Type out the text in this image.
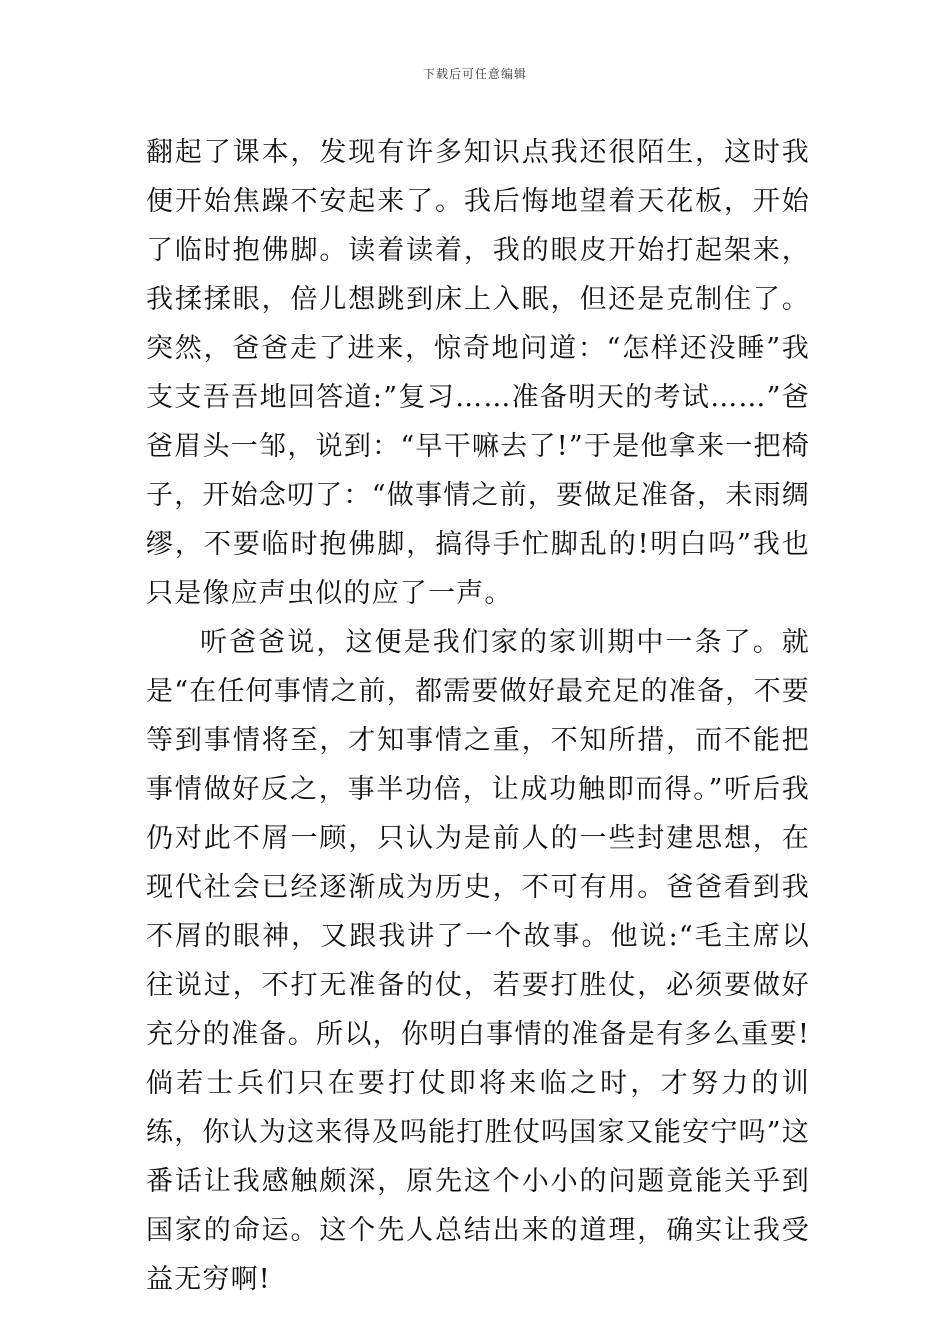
下载后可任意编辑

翻起了课本，发现有许多知识点我还很陌生，这时我便开始焦躁不安起来了。我后悔地望着天花板，开始了临时抱佛脚。读着读着，我的眼皮开始打起架来，我揉揉眼，倍儿想跳到床上入眠，但还是克制住了。突然，爸爸走了进来，惊奇地问道：“怎样还没睡”我支支吾吾地回答道:”复习……准备明天的考试……”爸爸眉头一邹，说到：“早干嘛去了!”于是他拿来一把椅子，开始念叨了：“做事情之前，要做足准备，未雨绸缪，不要临时抱佛脚，搞得手忙脚乱的!明白吗”我也只是像应声虫似的应了一声。

听爸爸说，这便是我们家的家训期中一条了。就是“在任何事情之前，都需要做好最充足的准备，不要等到事情将至，才知事情之重，不知所措，而不能把事情做好反之，事半功倍，让成功触即而得。”听后我仍对此不屑一顾，只认为是前人的一些封建思想，在现代社会已经逐渐成为历史，不可有用。爸爸看到我不屑的眼神，又跟我讲了一个故事。他说:“毛主席以往说过，不打无准备的仗，若要打胜仗，必须要做好充分的准备。所以，你明白事情的准备是有多么重要!倘若士兵们只在要打仗即将来临之时，才努力的训练，你认为这来得及吗能打胜仗吗国家又能安宁吗”这番话让我感触颇深，原先这个小小的问题竟能关乎到国家的命运。这个先人总结出来的道理，确实让我受益无穷啊!
